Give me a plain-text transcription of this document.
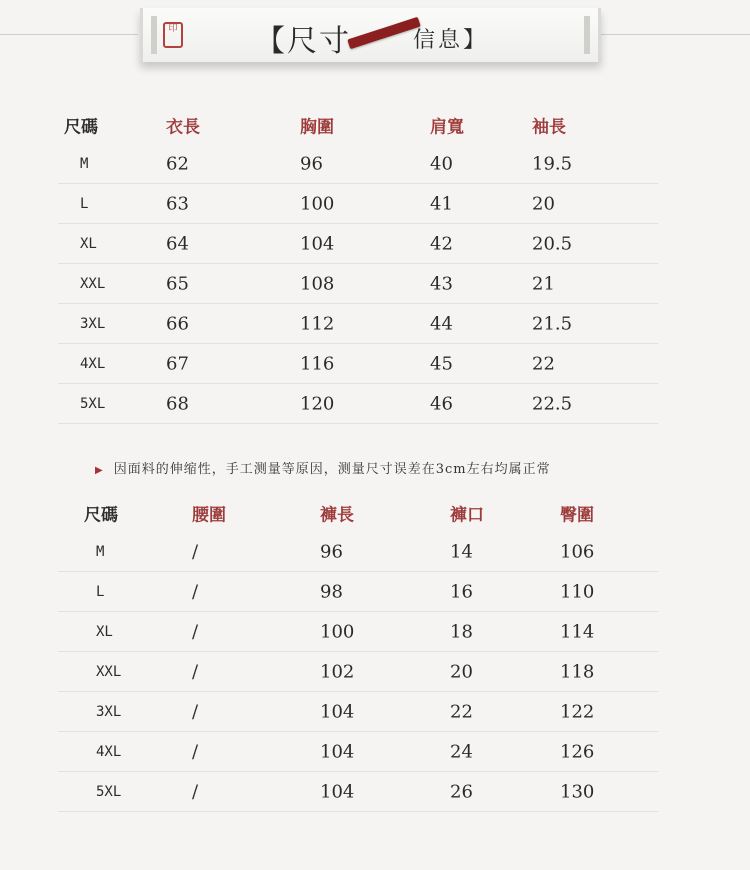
印	【尺寸	信息】
尺碼	衣長	胸圍	肩寬	袖長
M	62	96	40	19.5
L	63	100	41	20
XL	64	104	42	20.5
XXL	65	108	43	21
3XL	66	112	44	21.5
4XL	67	116	45	22
5XL	68	120	46	22.5
▶ 因面料的伸缩性，手工测量等原因，测量尺寸误差在3cm左右均属正常
尺碼	腰圍	褲長	褲口	臀圍
M	/	96	14	106
L	/	98	16	110
XL	/	100	18	114
XXL	/	102	20	118
3XL	/	104	22	122
4XL	/	104	24	126
5XL	/	104	26	130
